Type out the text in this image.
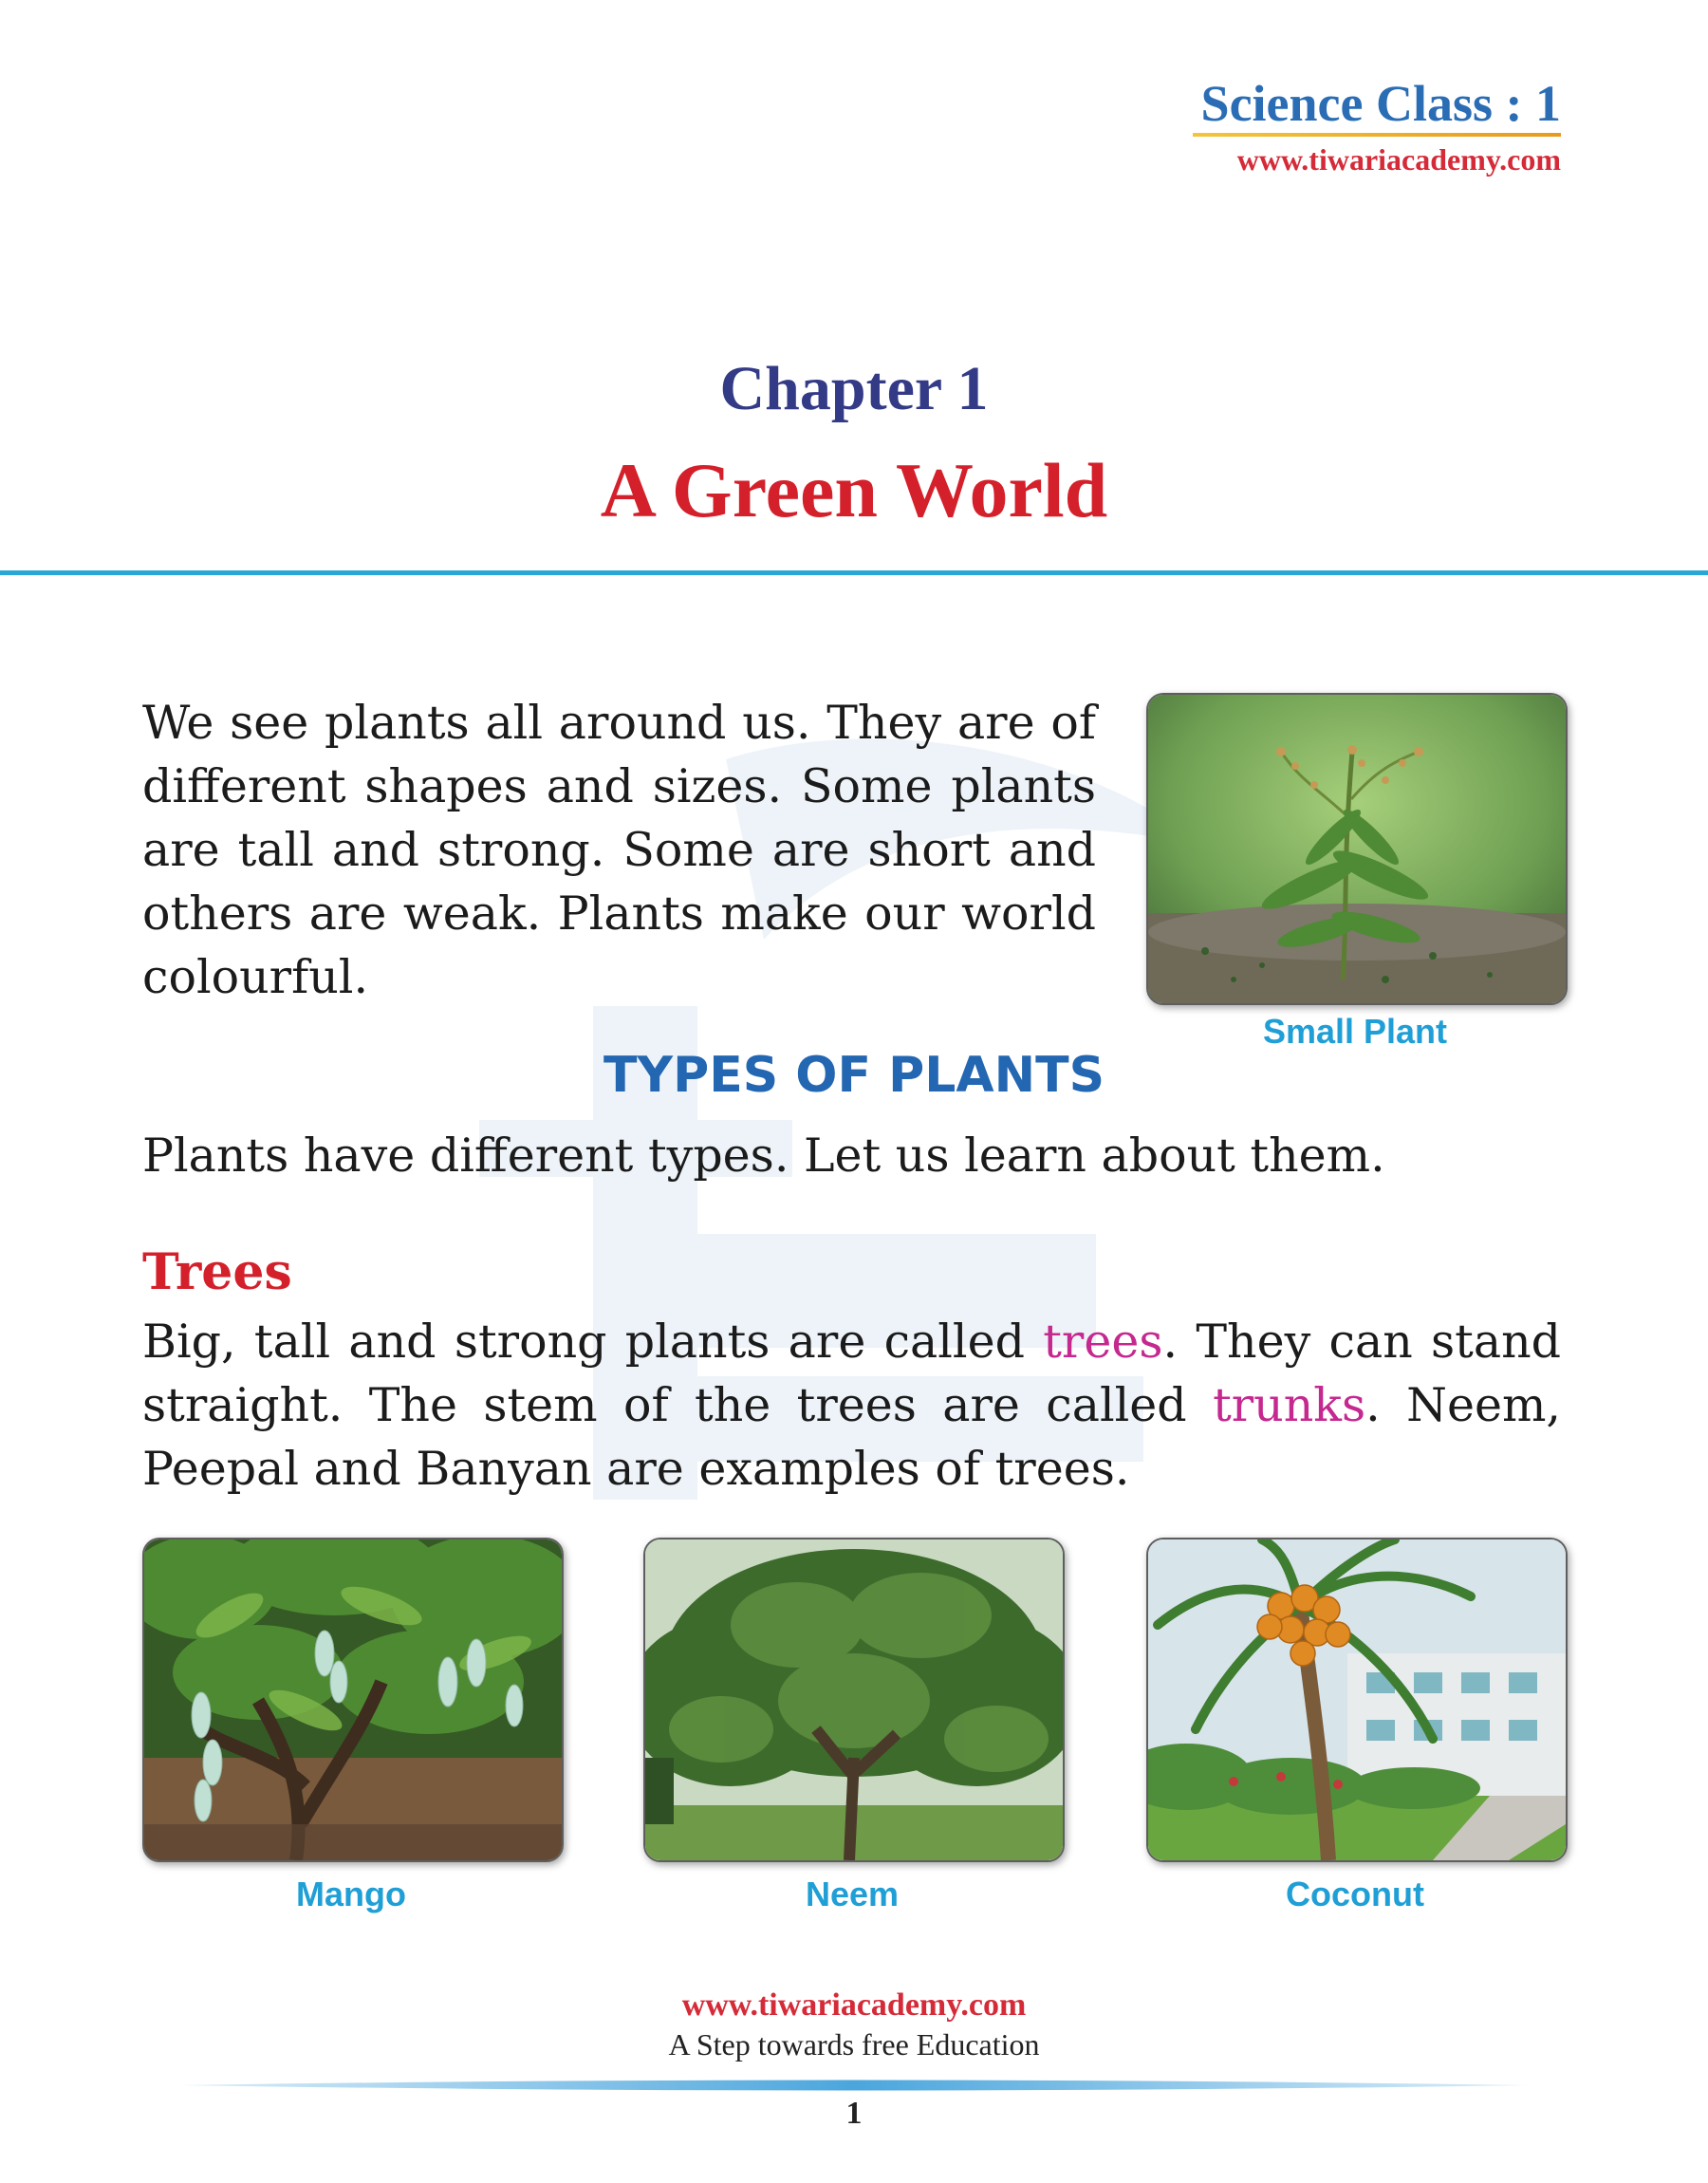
Science Class : 1
www.tiwariacademy.com
Chapter 1
A Green World
We see plants all around us. They are of different shapes and sizes. Some plants are tall and strong. Some are short and others are weak. Plants make our world colourful.
Small Plant
TYPES OF PLANTS
Plants have different types. Let us learn about them.
Trees
Big, tall and strong plants are called trees. They can stand straight. The stem of the trees are called trunks. Neem, Peepal and Banyan are examples of trees.
Mango	Neem	Coconut
www.tiwariacademy.com
A Step towards free Education
1
